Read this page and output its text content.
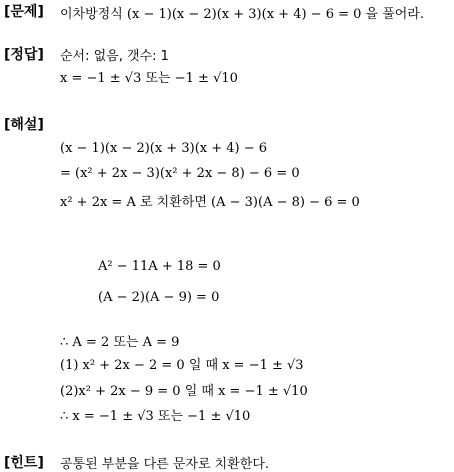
[문제] 이차방정식 (x − 1)(x − 2)(x + 3)(x + 4) − 6 = 0 을 풀어라.
[정답] 순서: 없음, 갯수: 1
x = −1 ± √3 또는 −1 ± √10
[해설]
(x − 1)(x − 2)(x + 3)(x + 4) − 6
= (x² + 2x − 3)(x² + 2x − 8) − 6 = 0
x² + 2x = A 로 치환하면 (A − 3)(A − 8) − 6 = 0
A² − 11A + 18 = 0
(A − 2)(A − 9) = 0
∴ A = 2 또는 A = 9
(1) x² + 2x − 2 = 0 일 때 x = −1 ± √3
(2)x² + 2x − 9 = 0 일 때 x = −1 ± √10
∴ x = −1 ± √3 또는 −1 ± √10
[힌트] 공통된 부분을 다른 문자로 치환한다.
